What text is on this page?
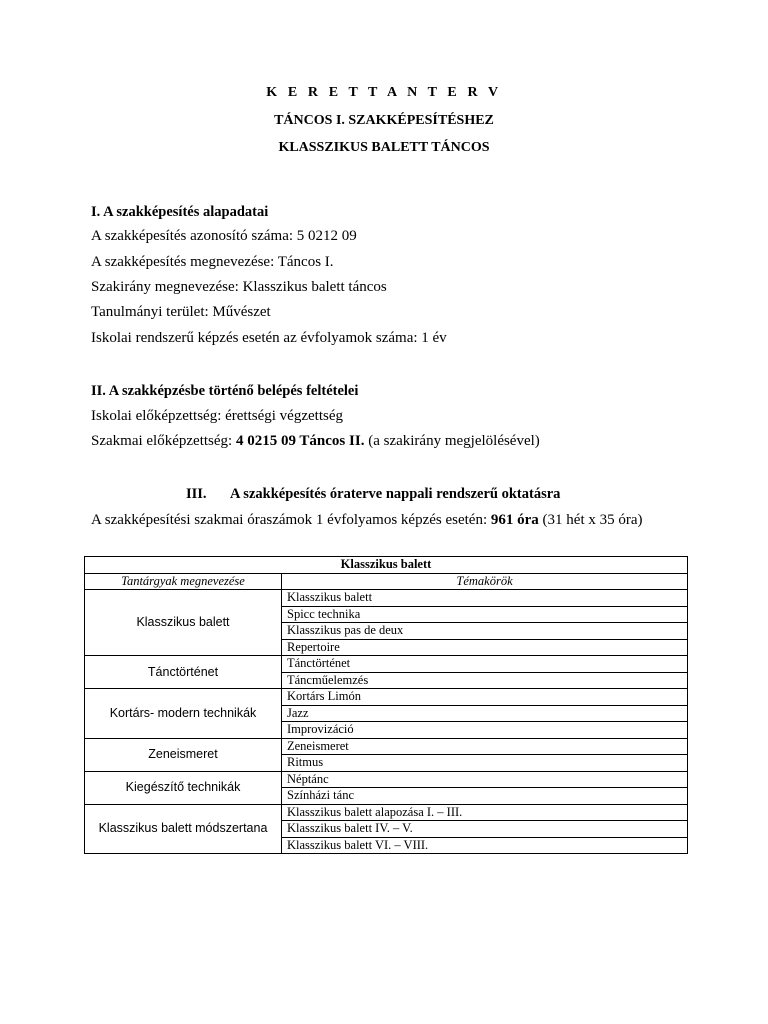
K E R E T T A N T E R V
TÁNCOS I. SZAKKÉPESÍTÉSHEZ
KLASSZIKUS BALETT TÁNCOS
I. A szakképesítés alapadatai
A szakképesítés azonosító száma: 5 0212 09
A szakképesítés megnevezése: Táncos I.
Szakirány megnevezése: Klasszikus balett táncos
Tanulmányi terület: Művészet
Iskolai rendszerű képzés esetén az évfolyamok száma: 1 év
II. A szakképzésbe történő belépés feltételei
Iskolai előképzettség: érettségi végzettség
Szakmai előképzettség: 4 0215 09 Táncos II. (a szakirány megjelölésével)
III. A szakképesítés óraterve nappali rendszerű oktatásra
A szakképesítési szakmai óraszámok 1 évfolyamos képzés esetén: 961 óra (31 hét x 35 óra)
Klasszikus balett	
Tantárgyak megnevezése	Témakörök
Klasszikus balett	Klasszikus balett
	Spicc technika
	Klasszikus pas de deux
	Repertoire
Tánctörténet	Tánctörténet
	Táncműelemzés
Kortárs- modern technikák	Kortárs Limón
	Jazz
	Improvizáció
Zeneismeret	Zeneismeret
	Ritmus
Kiegészítő technikák	Néptánc
	Színházi tánc
Klasszikus balett módszertana	Klasszikus balett alapozása I. – III.
	Klasszikus balett IV. – V.
	Klasszikus balett VI. – VIII.
